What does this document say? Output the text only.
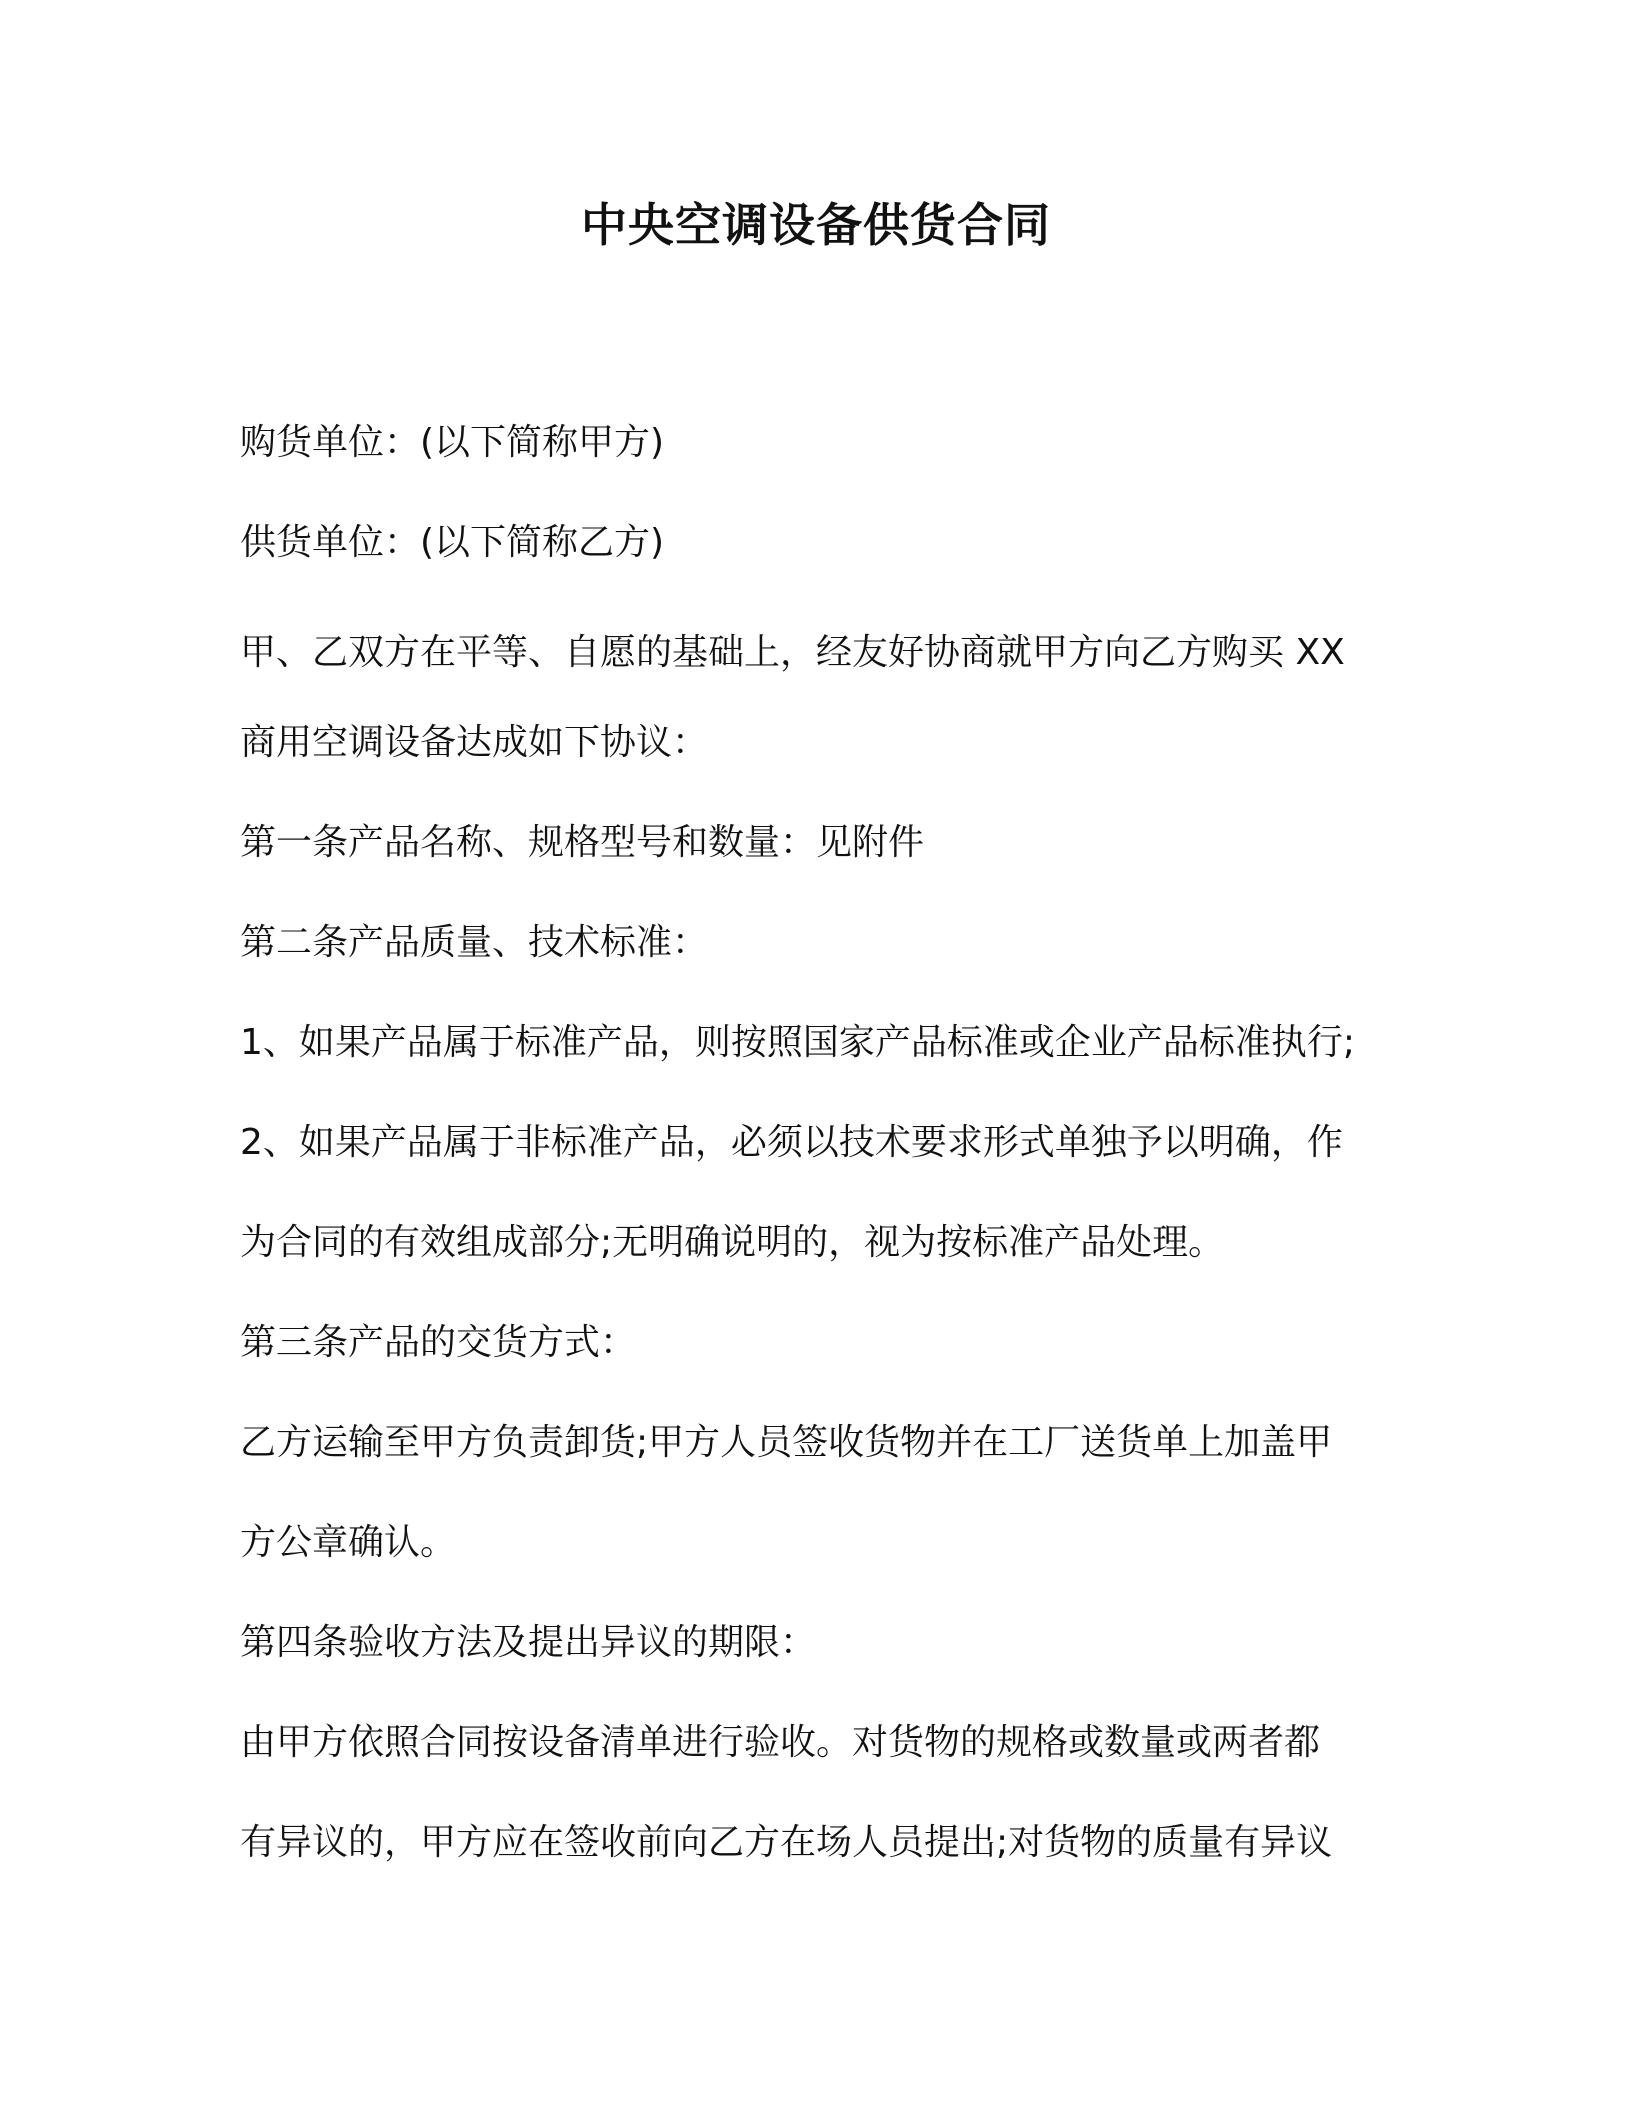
中央空调设备供货合同

购货单位：(以下简称甲方)

供货单位：(以下简称乙方)

甲、乙双方在平等、自愿的基础上，经友好协商就甲方向乙方购买 XX

商用空调设备达成如下协议：

第一条产品名称、规格型号和数量：见附件

第二条产品质量、技术标准：

1、如果产品属于标准产品，则按照国家产品标准或企业产品标准执行;

2、如果产品属于非标准产品，必须以技术要求形式单独予以明确，作

为合同的有效组成部分;无明确说明的，视为按标准产品处理。

第三条产品的交货方式：

乙方运输至甲方负责卸货;甲方人员签收货物并在工厂送货单上加盖甲

方公章确认。

第四条验收方法及提出异议的期限：

由甲方依照合同按设备清单进行验收。对货物的规格或数量或两者都

有异议的，甲方应在签收前向乙方在场人员提出;对货物的质量有异议
